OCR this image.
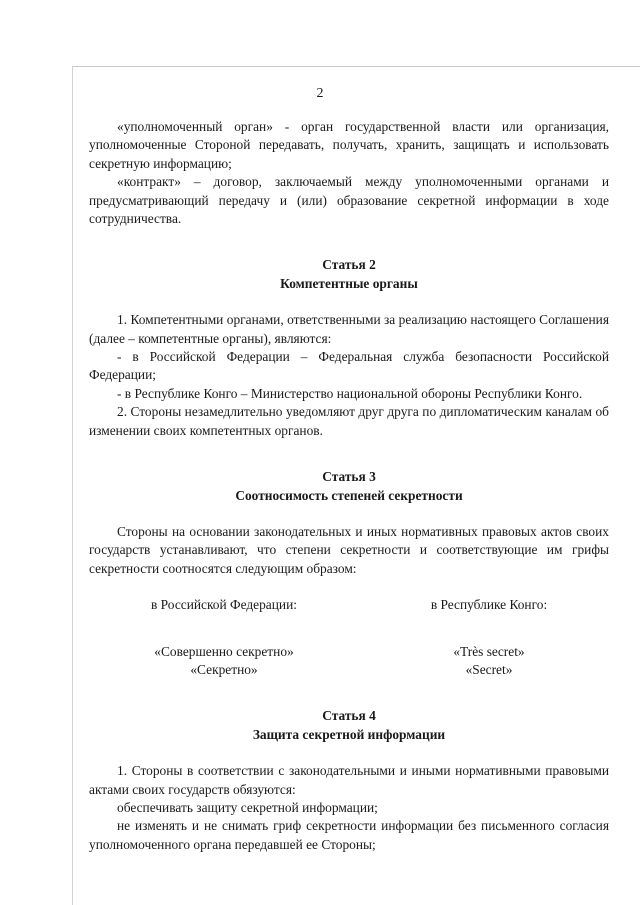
2

«уполномоченный орган» - орган государственной власти или организация, уполномоченные Стороной передавать, получать, хранить, защищать и использовать секретную информацию;

«контракт» – договор, заключаемый между уполномоченными органами и предусматривающий передачу и (или) образование секретной информации в ходе сотрудничества.

Статья 2

Компетентные органы

1. Компетентными органами, ответственными за реализацию настоящего Соглашения (далее – компетентные органы), являются:

- в Российской Федерации – Федеральная служба безопасности Российской Федерации;

- в Республике Конго – Министерство национальной обороны Республики Конго.

2. Стороны незамедлительно уведомляют друг друга по дипломатическим каналам об изменении своих компетентных органов.

Статья 3

Соотносимость степеней секретности

Стороны на основании законодательных и иных нормативных правовых актов своих государств устанавливают, что степени секретности и соответствующие им грифы секретности соотносятся следующим образом:

в Российской Федерации:	в Республике Конго:
«Совершенно секретно»
«Секретно»
«Très secret»
«Secret»

Статья 4

Защита секретной информации

1. Стороны в соответствии с законодательными и иными нормативными правовыми актами своих государств обязуются:

обеспечивать защиту секретной информации;

не изменять и не снимать гриф секретности информации без письменного согласия уполномоченного органа передавшей ее Стороны;
